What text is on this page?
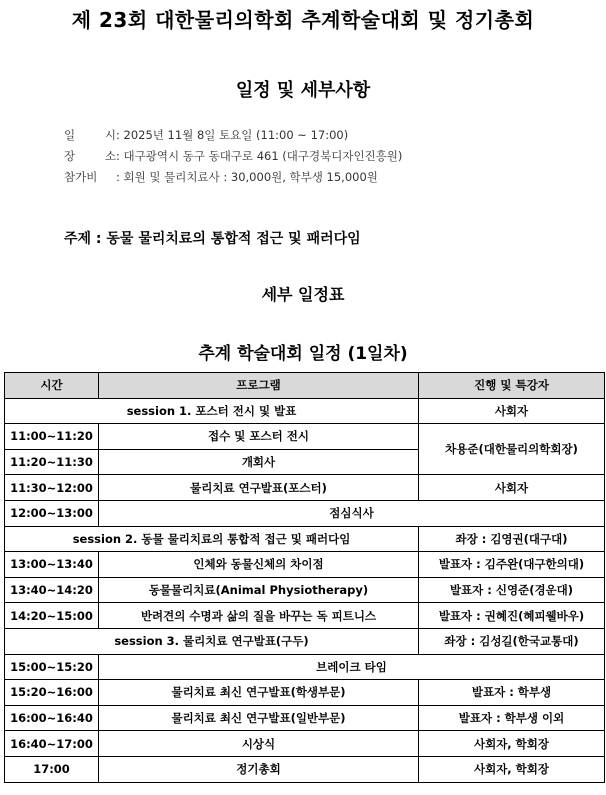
제 23회 대한물리의학회 추계학술대회 및 정기총회
일정 및 세부사항
일 시: 2025년 11월 8일 토요일 (11:00 ~ 17:00)
장 소: 대구광역시 동구 동대구로 461 (대구경북디자인진흥원)
참가비 : 회원 및 물리치료사 : 30,000원, 학부생 15,000원
주제 : 동물 물리치료의 통합적 접근 및 패러다임
세부 일정표
추계 학술대회 일정 (1일차)
시간	프로그램	진행 및 특강자
session 1. 포스터 전시 및 발표		사회자
11:00~11:20	접수 및 포스터 전시	차용준(대한물리의학회장)
11:20~11:30	개회사	
11:30~12:00	물리치료 연구발표(포스터)	사회자
12:00~13:00	점심식사	
session 2. 동물 물리치료의 통합적 접근 및 패러다임		좌장 : 김영권(대구대)
13:00~13:40	인체와 동물신체의 차이점	발표자 : 김주완(대구한의대)
13:40~14:20	동물물리치료(Animal Physiotherapy)	발표자 : 신영준(경운대)
14:20~15:00	반려견의 수명과 삶의 질을 바꾸는 독 피트니스	발표자 : 권혜진(혜피웰바우)
session 3. 물리치료 연구발표(구두)		좌장 : 김성길(한국교통대)
15:00~15:20	브레이크 타임	
15:20~16:00	물리치료 최신 연구발표(학생부문)	발표자 : 학부생
16:00~16:40	물리치료 최신 연구발표(일반부문)	발표자 : 학부생 이외
16:40~17:00	시상식	사회자, 학회장
17:00	정기총회	사회자, 학회장
